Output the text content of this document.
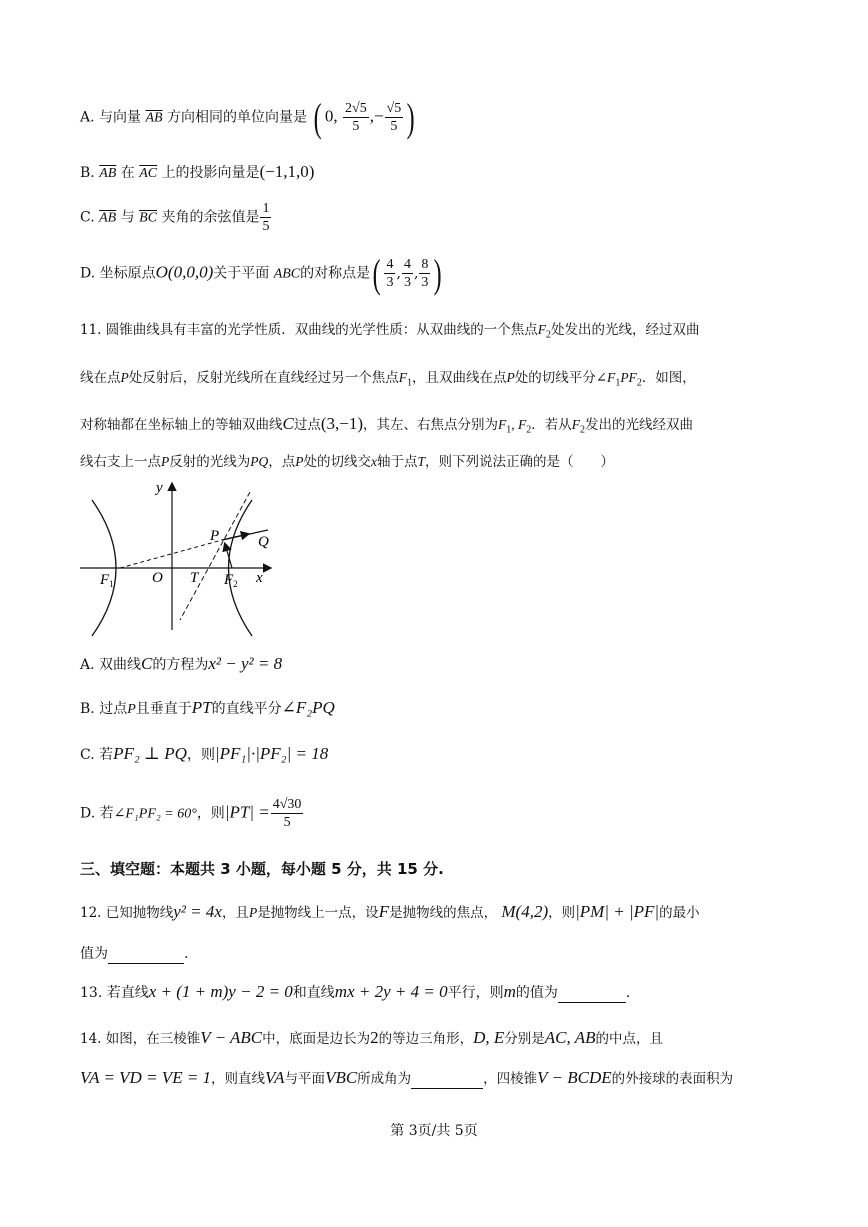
A. 与向量 $\overline{AB}$ 方向相同的单位向量是 ( 0, $\frac{2√5}{5}$ ,− $\frac{√5}{5}$ )
B. $\overline{AB}$ 在 $\overline{AC}$ 上的投影向量是(−1,1,0)
C. $\overline{AB}$ 与 $\overline{BC}$ 夹角的余弦值是 $\frac{1}{5}$
D. 坐标原点O(0,0,0)关于平面 ABC的对称点是( $\frac{4}{3}$ , $\frac{4}{3}$ , $\frac{8}{3}$ )
11. 圆锥曲线具有丰富的光学性质．双曲线的光学性质：从双曲线的一个焦点$F_2$处发出的光线，经过双曲
线在点P处反射后，反射光线所在直线经过另一个焦点$F_1$，且双曲线在点P处的切线平分$\angle F_1PF_2$．如图，
对称轴都在坐标轴上的等轴双曲线C过点(3,−1)，其左、右焦点分别为$F_1$, $F_2$．若从$F_2$发出的光线经双曲
线右支上一点P反射的光线为PQ，点P处的切线交x轴于点T，则下列说法正确的是（　　）
y
x
O T
$F_1$	$F_2$
P	Q
A. 双曲线C的方程为x² − y² = 8
B. 过点P且垂直于PT的直线平分∠F₂PQ
C. 若PF₂ ⊥ PQ，则|PF₁|·|PF₂| = 18
D. 若∠F₁PF₂ = 60°，则$|PT| = \frac{4√30}{5}$
三、填空题：本题共 3 小题，每小题 5 分，共 15 分.
12. 已知抛物线y² = 4x，且P是抛物线上一点，设F是抛物线的焦点， M(4,2)，则|PM| + |PF|的最小
值为	.
13. 若直线x + (1 + m)y − 2 = 0和直线mx + 2y + 4 = 0平行，则m的值为	.
14. 如图，在三棱锥V − ABC中，底面是边长为2的等边三角形，D, E分别是AC, AB的中点，且
VA = VD = VE = 1，则直线VA与平面VBC所成角为	，四棱锥V − BCDE的外接球的表面积为
第 3页/共 5页
